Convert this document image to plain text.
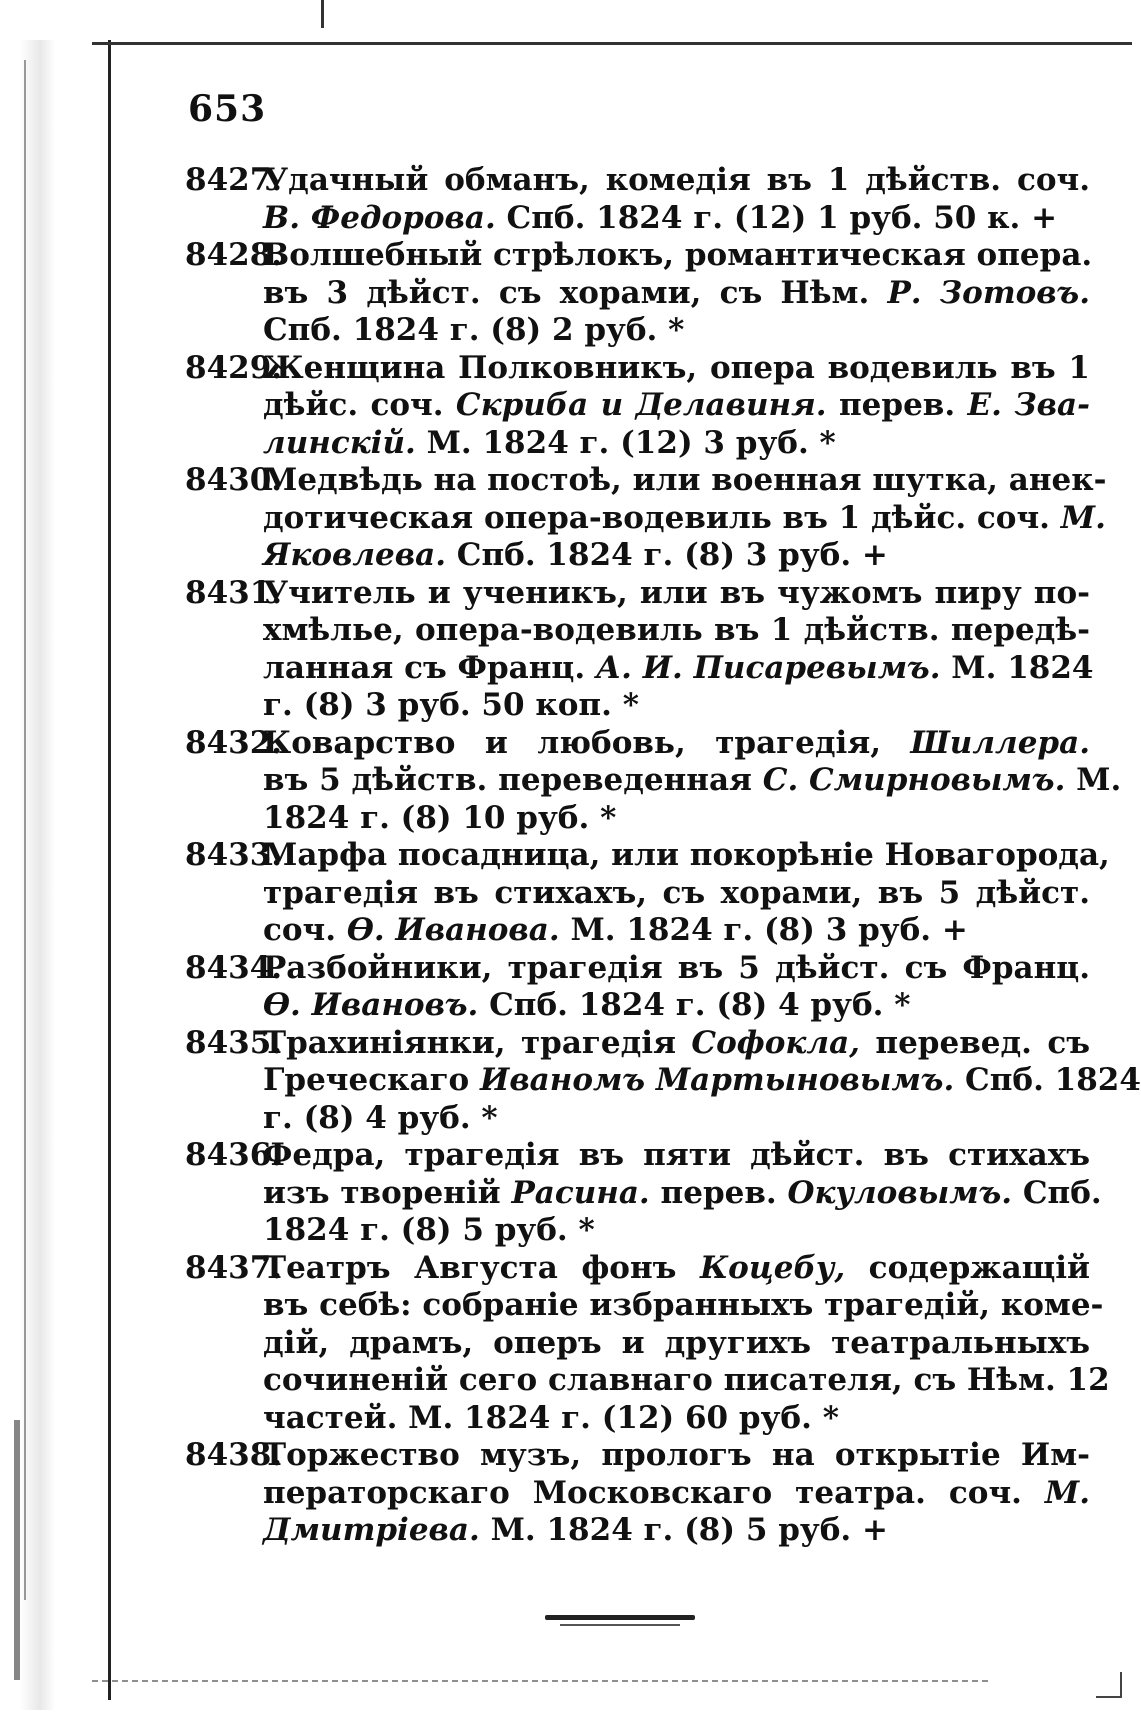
653
8427.
Удачный обманъ, комедія въ 1 дѣйств. соч.
В. Федорова. Спб. 1824 г. (12) 1 руб. 50 к. +
8428.
Волшебный стрѣлокъ, романтическая опера.
въ 3 дѣйст. съ хорами, съ Нѣм. Р. Зотовъ.
Спб. 1824 г. (8) 2 руб. *
8429.
Женщина Полковникъ, опера водевиль въ 1
дѣйс. соч. Скриба и Делавиня. перев. Е. Зва-
линскій. М. 1824 г. (12) 3 руб. *
8430.
Медвѣдь на постоѣ, или военная шутка, анек-
дотическая опера-водевиль въ 1 дѣйс. соч. М.
Яковлева. Спб. 1824 г. (8) 3 руб. +
8431.
Учитель и ученикъ, или въ чужомъ пиру по-
хмѣлье, опера-водевиль въ 1 дѣйств. передѣ-
ланная съ Франц. А. И. Писаревымъ. М. 1824
г. (8) 3 руб. 50 коп. *
8432.
Коварство и любовь, трагедія, Шиллера.
въ 5 дѣйств. переведенная С. Смирновымъ. М.
1824 г. (8) 10 руб. *
8433.
Марфа посадница, или покорѣніе Новагорода,
трагедія въ стихахъ, съ хорами, въ 5 дѣйст.
соч. Ѳ. Иванова. М. 1824 г. (8) 3 руб. +
8434.
Разбойники, трагедія въ 5 дѣйст. съ Франц.
Ѳ. Ивановъ. Спб. 1824 г. (8) 4 руб. *
8435.
Трахиніянки, трагедія Софокла, перевед. съ
Греческаго Иваномъ Мартыновымъ. Спб. 1824
г. (8) 4 руб. *
8436.
Федра, трагедія въ пяти дѣйст. въ стихахъ
изъ твореній Расина. перев. Окуловымъ. Спб.
1824 г. (8) 5 руб. *
8437.
Театръ Августа фонъ Коцебу, содержащій
въ себѣ: собраніе избранныхъ трагедій, коме-
дій, драмъ, оперъ и другихъ театральныхъ
сочиненій сего славнаго писателя, съ Нѣм. 12
частей. М. 1824 г. (12) 60 руб. *
8438.
Торжество музъ, прологъ на открытіе Им-
ператорскаго Московскаго театра. соч. М.
Дмитріева. М. 1824 г. (8) 5 руб. +
